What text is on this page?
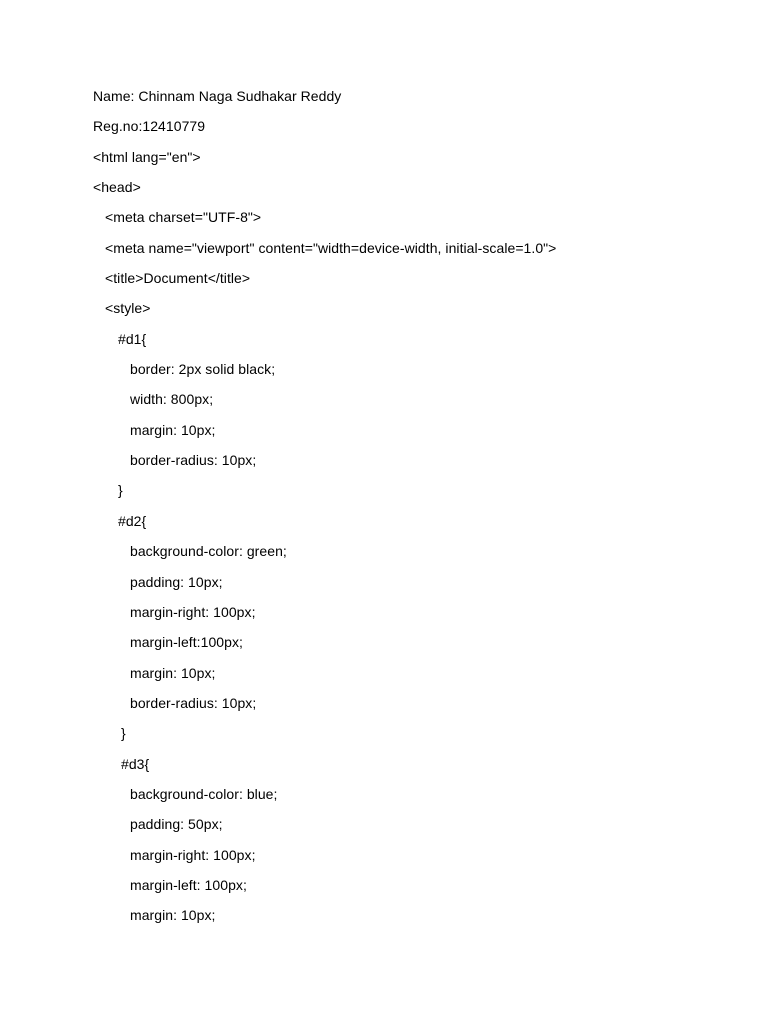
Name: Chinnam Naga Sudhakar Reddy
Reg.no:12410779
<html lang="en">
<head>
<meta charset="UTF-8">
<meta name="viewport" content="width=device-width, initial-scale=1.0">
<title>Document</title>
<style>
#d1{
border: 2px solid black;
width: 800px;
margin: 10px;
border-radius: 10px;
}
#d2{
background-color: green;
padding: 10px;
margin-right: 100px;
margin-left:100px;
margin: 10px;
border-radius: 10px;
}
#d3{
background-color: blue;
padding: 50px;
margin-right: 100px;
margin-left: 100px;
margin: 10px;
